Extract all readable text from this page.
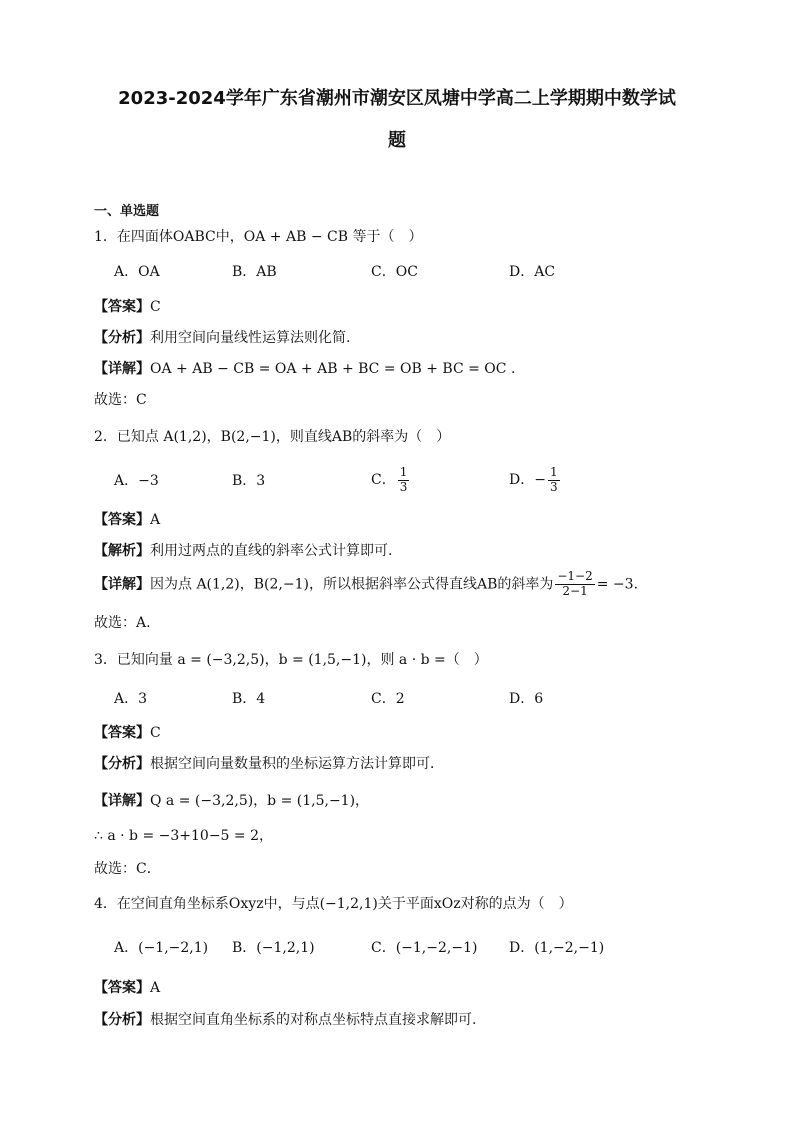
2023-2024学年广东省潮州市潮安区凤塘中学高二上学期期中数学试
题
一、单选题
1．在四面体OABC中，OA + AB − CB 等于（　）
A．OA	B．AB	C．OC	D．AC
【答案】C
【分析】利用空间向量线性运算法则化简.
【详解】OA + AB − CB = OA + AB + BC = OB + BC = OC .
故选：C
2．已知点 A(1,2)，B(2,−1)，则直线AB的斜率为（　）
A．−3	B．3	C． $\frac{1}{3}$	D．− $\frac{1}{3}$
【答案】A
【解析】利用过两点的直线的斜率公式计算即可.
【详解】因为点 A(1,2)，B(2,−1)，所以根据斜率公式得直线AB的斜率为 $\frac{-1-2}{2-1} = -3$.
故选：A.
3．已知向量 a = (−3,2,5)，b = (1,5,−1)，则 a · b =（　）
A．3	B．4	C．2	D．6
【答案】C
【分析】根据空间向量数量积的坐标运算方法计算即可．
【详解】Q a = (−3,2,5)，b = (1,5,−1)，
∴ a · b = −3+10−5 = 2，
故选：C．
4．在空间直角坐标系Oxyz中，与点(−1,2,1)关于平面xOz对称的点为（　）
A．(−1,−2,1) B．(−1,2,1)	C．(−1,−2,−1) D．(1,−2,−1)
【答案】A
【分析】根据空间直角坐标系的对称点坐标特点直接求解即可.
